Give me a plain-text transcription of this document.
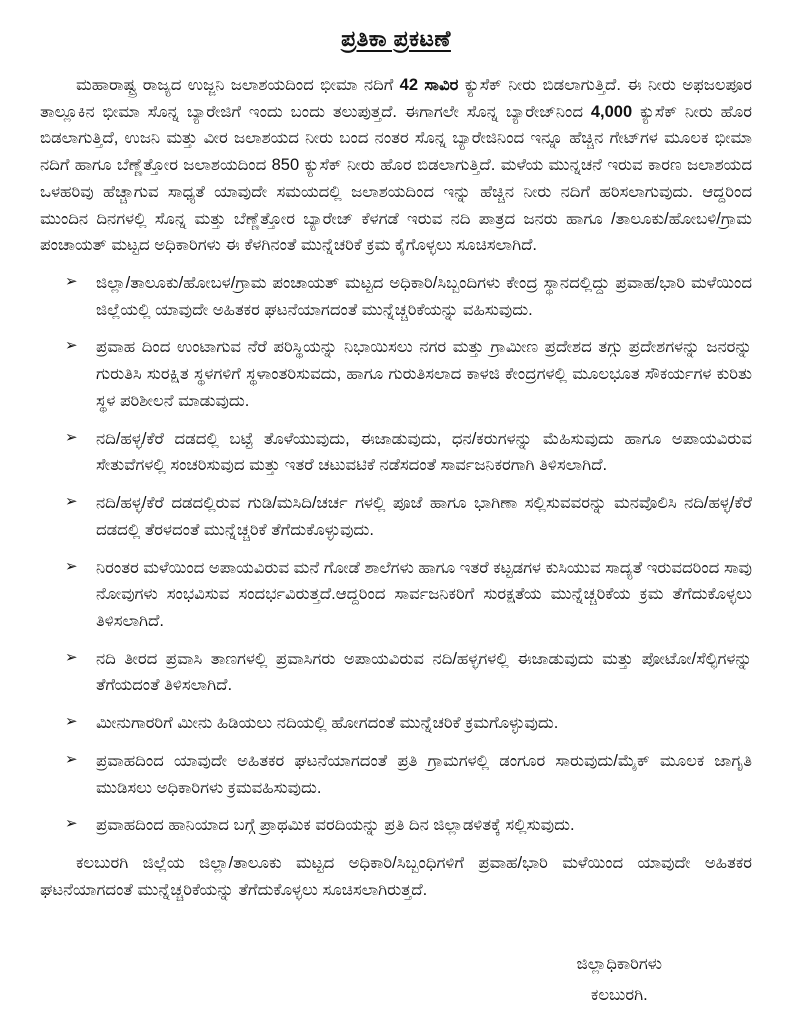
ಪ್ರತಿಕಾ ಪ್ರಕಟಣೆ

ಮಹಾರಾಷ್ಟ್ರ ರಾಜ್ಯದ ಉಜ್ಜನಿ ಜಲಾಶಯದಿಂದ ಭೀಮಾ ನದಿಗೆ 42 ಸಾವಿರ ಕ್ಯುಸೆಕ್ ನೀರು ಬಿಡಲಾಗುತ್ತಿದೆ. ಈ ನೀರು ಅಫಜಲಪೂರ ತಾಲ್ಲೂಕಿನ ಭೀಮಾ ಸೊನ್ನ ಬ್ಯಾರೇಜಿಗೆ ಇಂದು ಬಂದು ತಲುಪುತ್ತದೆ. ಈಗಾಗಲೇ ಸೊನ್ನ ಬ್ಯಾರೇಜ್‌ನಿಂದ 4,000 ಕ್ಯುಸೆಕ್ ನೀರು ಹೊರ ಬಿಡಲಾಗುತ್ತಿದೆ, ಉಜನಿ ಮತ್ತು ವೀರ ಜಲಾಶಯದ ನೀರು ಬಂದ ನಂತರ ಸೊನ್ನ ಬ್ಯಾರೇಜಿನಿಂದ ಇನ್ನೂ ಹೆಚ್ಚಿನ ಗೇಟ್‌ಗಳ ಮೂಲಕ ಭೀಮಾ ನದಿಗೆ ಹಾಗೂ ಬೆಣ್ಣೆತ್ತೋರ ಜಲಾಶಯದಿಂದ 850 ಕ್ಯುಸೆಕ್ ನೀರು ಹೊರ ಬಿಡಲಾಗುತ್ತಿದೆ. ಮಳೆಯ ಮುನ್ನಚನೆ ಇರುವ ಕಾರಣ ಜಲಾಶಯದ ಒಳಹರಿವು ಹೆಚ್ಚಾಗುವ ಸಾಧ್ಯತೆ ಯಾವುದೇ ಸಮಯದಲ್ಲಿ ಜಲಾಶಯದಿಂದ ಇನ್ನು ಹೆಚ್ಚಿನ ನೀರು ನದಿಗೆ ಹರಿಸಲಾಗುವುದು. ಆದ್ದರಿಂದ ಮುಂದಿನ ದಿನಗಳಲ್ಲಿ ಸೊನ್ನ ಮತ್ತು ಬೆಣ್ಣೆತ್ತೋರ ಬ್ಯಾರೇಜ್ ಕೆಳಗಡೆ ಇರುವ ನದಿ ಪಾತ್ರದ ಜನರು ಹಾಗೂ /ತಾಲೂಕು/ಹೋಬಳಿ/ಗ್ರಾಮ ಪಂಚಾಯತ್ ಮಟ್ಟದ ಅಧಿಕಾರಿಗಳು ಈ ಕೆಳಗಿನಂತೆ ಮುನ್ನೆಚರಿಕೆ ಕ್ರಮ ಕೈಗೊಳ್ಳಲು ಸೂಚಿಸಲಾಗಿದೆ.

➢ ಜಿಲ್ಲಾ/ತಾಲೂಕು/ಹೋಬಳ/ಗ್ರಾಮ ಪಂಚಾಯತ್ ಮಟ್ಟದ ಅಧಿಕಾರಿ/ಸಿಬ್ಬಂದಿಗಳು ಕೇಂದ್ರ ಸ್ಥಾನದಲ್ಲಿದ್ದು ಪ್ರವಾಹ/ಭಾರಿ ಮಳೆಯಿಂದ ಜಿಲ್ಲೆಯಲ್ಲಿ ಯಾವುದೇ ಅಹಿತಕರ ಘಟನೆಯಾಗದಂತೆ ಮುನ್ನೆಚ್ಚರಿಕೆಯನ್ನು ವಹಿಸುವುದು.
➢ ಪ್ರವಾಹ ದಿಂದ ಉಂಟಾಗುವ ನೆರೆ ಪರಿಸ್ಥಿಯನ್ನು ನಿಭಾಯಿಸಲು ನಗರ ಮತ್ತು ಗ್ರಾಮೀಣ ಪ್ರದೇಶದ ತಗ್ಗು ಪ್ರದೇಶಗಳನ್ನು ಜನರನ್ನು ಗುರುತಿಸಿ ಸುರಕ್ಷಿತ ಸ್ಥಳಗಳಿಗೆ ಸ್ಥಳಾಂತರಿಸುವದು, ಹಾಗೂ ಗುರುತಿಸಲಾದ ಕಾಳಜಿ ಕೇಂದ್ರಗಳಲ್ಲಿ ಮೂಲಭೂತ ಸೌಕರ್ಯಗಳ ಕುರಿತು ಸ್ಥಳ ಪರಿಶೀಲನೆ ಮಾಡುವುದು.
➢ ನದಿ/ಹಳ್ಳ/ಕೆರೆ ದಡದಲ್ಲಿ ಬಟ್ಟೆ ತೊಳೆಯುವುದು, ಈಜಾಡುವುದು, ಧನ/ಕರುಗಳನ್ನು ಮೆಹಿಸುವುದು ಹಾಗೂ ಅಪಾಯವಿರುವ ಸೇತುವೆಗಳಲ್ಲಿ ಸಂಚರಿಸುವುದ ಮತ್ತು ಇತರೆ ಚಟುವಟಿಕೆ ನಡೆಸದಂತೆ ಸಾರ್ವಜನಿಕರಗಾಗಿ ತಿಳಿಸಲಾಗಿದೆ.
➢ ನದಿ/ಹಳ್ಳ/ಕೆರೆ ದಡದಲ್ಲಿರುವ ಗುಡಿ/ಮಸಿದಿ/ಚರ್ಚ ಗಳಲ್ಲಿ ಪೂಜೆ ಹಾಗೂ ಭಾಗಿಣಾ ಸಲ್ಲಿಸುವವರನ್ನು ಮನವೊಲಿಸಿ ನದಿ/ಹಳ್ಳ/ಕೆರೆ ದಡದಲ್ಲಿ ತೆರಳದಂತೆ ಮುನ್ನೆಚ್ಚರಿಕೆ ತೆಗೆದುಕೊಳ್ಳುವುದು.
➢ ನಿರಂತರ ಮಳೆಯಿಂದ ಅಪಾಯವಿರುವ ಮನೆ ಗೋಡೆ ಶಾಲೆಗಳು ಹಾಗೂ ಇತರೆ ಕಟ್ಟಡಗಳ ಕುಸಿಯುವ ಸಾದ್ಯತೆ ಇರುವದರಿಂದ ಸಾವು ನೋವುಗಳು ಸಂಭವಿಸುವ ಸಂದರ್ಭವಿರುತ್ತದೆ.ಆದ್ದರಿಂದ ಸಾರ್ವಜನಿಕರಿಗೆ ಸುರಕ್ಷತೆಯ ಮುನ್ನೆಚ್ಚರಿಕೆಯ ಕ್ರಮ ತೆಗೆದುಕೊಳ್ಳಲು ತಿಳಿಸಲಾಗಿದೆ.
➢ ನದಿ ತೀರದ ಪ್ರವಾಸಿ ತಾಣಗಳಲ್ಲಿ ಪ್ರವಾಸಿಗರು ಅಪಾಯವಿರುವ ನದಿ/ಹಳ್ಳಗಳಲ್ಲಿ ಈಜಾಡುವುದು ಮತ್ತು ಪೋಟೋ/ಸೆಲ್ಫಿಗಳನ್ನು ತೆಗೆಯದಂತೆ ತಿಳಿಸಲಾಗಿದೆ.
➢ ಮೀನುಗಾರರಿಗೆ ಮೀನು ಹಿಡಿಯಲು ನದಿಯಲ್ಲಿ ಹೋಗದಂತೆ ಮುನ್ನೆಚರಿಕೆ ಕ್ರಮಗೊಳ್ಳುವುದು.
➢ ಪ್ರವಾಹದಿಂದ ಯಾವುದೇ ಅಹಿತಕರ ಘಟನೆಯಾಗದಂತೆ ಪ್ರತಿ ಗ್ರಾಮಗಳಲ್ಲಿ ಡಂಗೂರ ಸಾರುವುದು/ಮೈಕ್ ಮೂಲಕ ಜಾಗೃತಿ ಮುಡಿಸಲು ಅಧಿಕಾರಿಗಳು ಕ್ರಮವಹಿಸುವುದು.
➢ ಪ್ರವಾಹದಿಂದ ಹಾನಿಯಾದ ಬಗ್ಗೆ ಪ್ರಾಥಮಿಕ ವರದಿಯನ್ನು ಪ್ರತಿ ದಿನ ಜಿಲ್ಲಾಡಳಿತಕ್ಕೆ ಸಲ್ಲಿಸುವುದು.

ಕಲಬುರಗಿ ಜಿಲ್ಲೆಯ ಜಿಲ್ಲಾ/ತಾಲೂಕು ಮಟ್ಟದ ಅಧಿಕಾರಿ/ಸಿಬ್ಬಂಧಿಗಳಿಗೆ ಪ್ರವಾಹ/ಭಾರಿ ಮಳೆಯಿಂದ ಯಾವುದೇ ಅಹಿತಕರ ಘಟನೆಯಾಗದಂತೆ ಮುನ್ನೆಚ್ಚರಿಕೆಯನ್ನು ತೆಗೆದುಕೊಳ್ಳಲು ಸೂಚಿಸಲಾಗಿರುತ್ತದೆ.

ಜಿಲ್ಲಾಧಿಕಾರಿಗಳು
ಕಲಬುರಗಿ.
